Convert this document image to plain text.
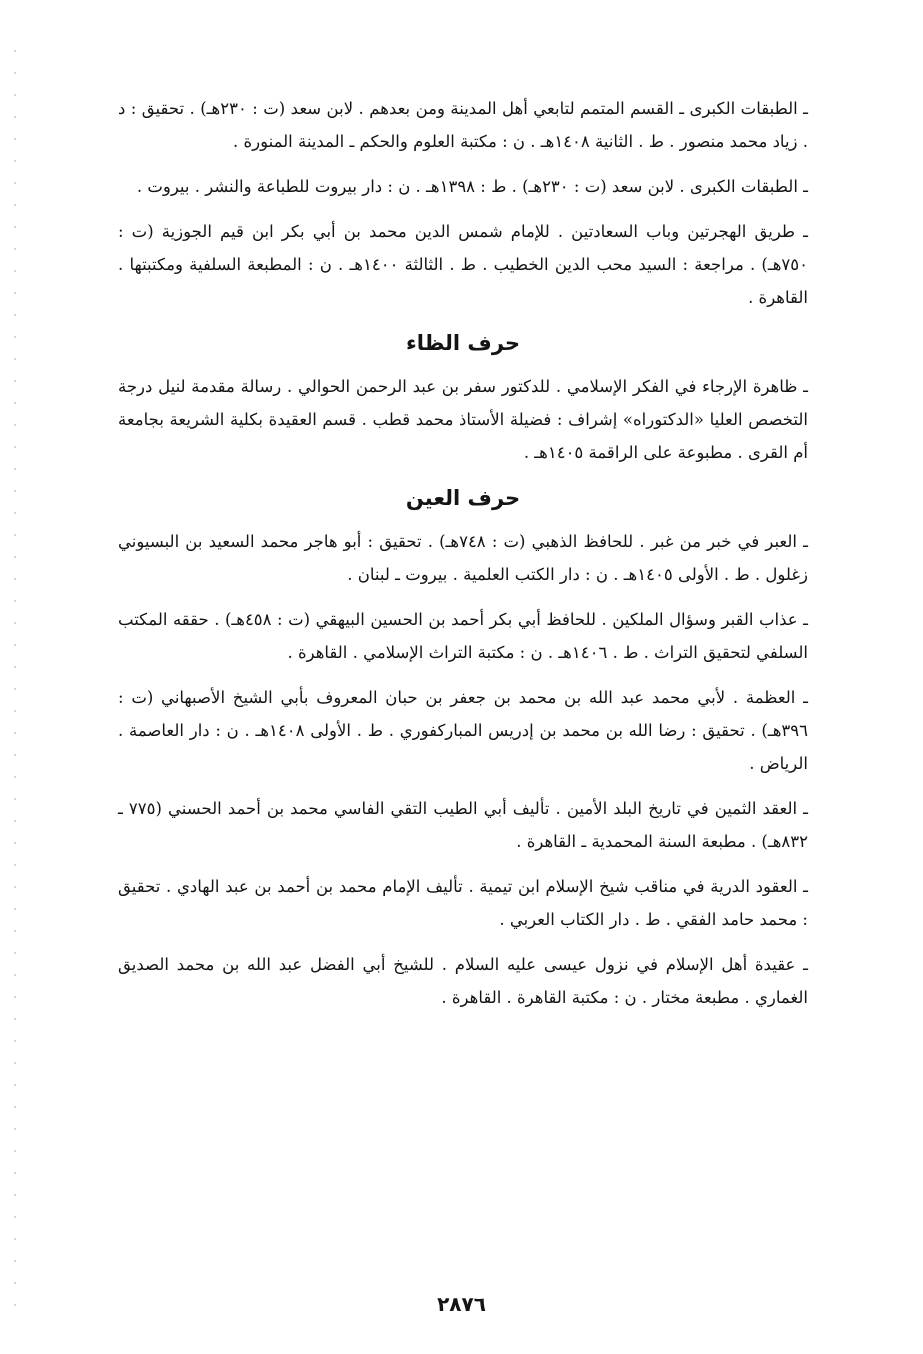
ـ الطبقات الكبرى ـ القسم المتمم لتابعي أهل المدينة ومن بعدهم . لابن سعد (ت : ٢٣٠هـ) . تحقيق : د . زياد محمد منصور . ط . الثانية ١٤٠٨هـ . ن : مكتبة العلوم والحكم ـ المدينة المنورة .

ـ الطبقات الكبرى . لابن سعد (ت : ٢٣٠هـ) . ط : ١٣٩٨هـ . ن : دار بيروت للطباعة والنشر . بيروت .

ـ طريق الهجرتين وباب السعادتين . للإمام شمس الدين محمد بن أبي بكر ابن قيم الجوزية (ت : ٧٥٠هـ) . مراجعة : السيد محب الدين الخطيب . ط . الثالثة ١٤٠٠هـ . ن : المطبعة السلفية ومكتبتها . القاهرة .

حرف الظاء

ـ ظاهرة الإرجاء في الفكر الإسلامي . للدكتور سفر بن عبد الرحمن الحوالي . رسالة مقدمة لنيل درجة التخصص العليا «الدكتوراه» إشراف : فضيلة الأستاذ محمد قطب . قسم العقيدة بكلية الشريعة بجامعة أم القرى . مطبوعة على الراقمة ١٤٠٥هـ .

حرف العين

ـ العبر في خبر من غبر . للحافظ الذهبي (ت : ٧٤٨هـ) . تحقيق : أبو هاجر محمد السعيد بن البسيوني زغلول . ط . الأولى ١٤٠٥هـ . ن : دار الكتب العلمية . بيروت ـ لبنان .

ـ عذاب القبر وسؤال الملكين . للحافظ أبي بكر أحمد بن الحسين البيهقي (ت : ٤٥٨هـ) . حققه المكتب السلفي لتحقيق التراث . ط . ١٤٠٦هـ . ن : مكتبة التراث الإسلامي . القاهرة .

ـ العظمة . لأبي محمد عبد الله بن محمد بن جعفر بن حبان المعروف بأبي الشيخ الأصبهاني (ت : ٣٩٦هـ) . تحقيق : رضا الله بن محمد بن إدريس المباركفوري . ط . الأولى ١٤٠٨هـ . ن : دار العاصمة . الرياض .

ـ العقد الثمين في تاريخ البلد الأمين . تأليف أبي الطيب التقي الفاسي محمد بن أحمد الحسني (٧٧٥ ـ ٨٣٢هـ) . مطبعة السنة المحمدية ـ القاهرة .

ـ العقود الدرية في مناقب شيخ الإسلام ابن تيمية . تأليف الإمام محمد بن أحمد بن عبد الهادي . تحقيق : محمد حامد الفقي . ط . دار الكتاب العربي .

ـ عقيدة أهل الإسلام في نزول عيسى عليه السلام . للشيخ أبي الفضل عبد الله بن محمد الصديق الغماري . مطبعة مختار . ن : مكتبة القاهرة . القاهرة .

٢٨٧٦
